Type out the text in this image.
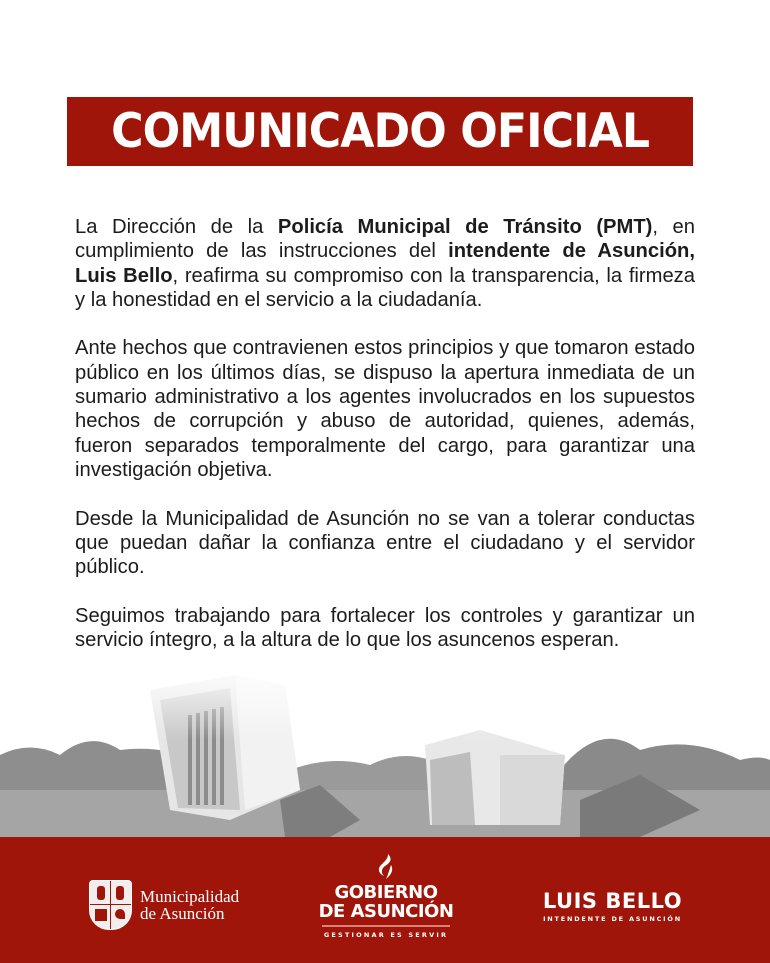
COMUNICADO OFICIAL

La Dirección de la Policía Municipal de Tránsito (PMT), en cumplimiento de las instrucciones del intendente de Asunción, Luis Bello, reafirma su compromiso con la transparencia, la firmeza y la honestidad en el servicio a la ciudadanía.

Ante hechos que contravienen estos principios y que tomaron estado público en los últimos días, se dispuso la apertura inmediata de un sumario administrativo a los agentes involucrados en los supuestos hechos de corrupción y abuso de autoridad, quienes, además, fueron separados temporalmente del cargo, para garantizar una investigación objetiva.

Desde la Municipalidad de Asunción no se van a tolerar conductas que puedan dañar la confianza entre el ciudadano y el servidor público.

Seguimos trabajando para fortalecer los controles y garantizar un servicio íntegro, a la altura de lo que los asuncenos esperan.

Municipalidad
de Asunción
GOBIERNO
DE ASUNCIÓN
GESTIONAR ES SERVIR
LUIS BELLO
INTENDENTE DE ASUNCIÓN
